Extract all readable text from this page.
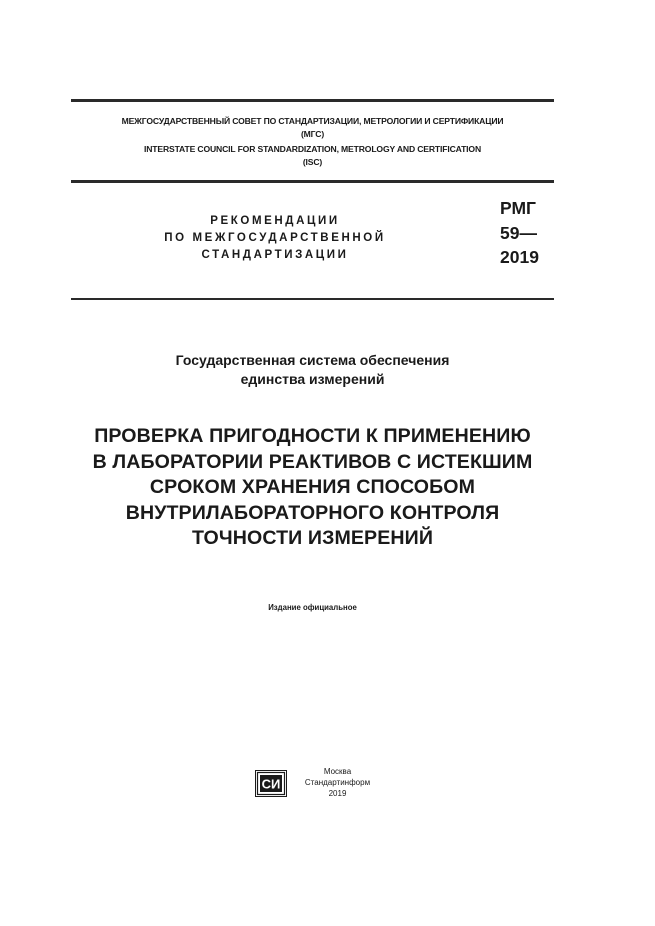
МЕЖГОСУДАРСТВЕННЫЙ СОВЕТ ПО СТАНДАРТИЗАЦИИ, МЕТРОЛОГИИ И СЕРТИФИКАЦИИ
(МГС)
INTERSTATE COUNCIL FOR STANDARDIZATION, METROLOGY AND CERTIFICATION
(ISC)
РЕКОМЕНДАЦИИ
ПО МЕЖГОСУДАРСТВЕННОЙ
СТАНДАРТИЗАЦИИ
РМГ
59—
2019
Государственная система обеспечения
единства измерений
ПРОВЕРКА ПРИГОДНОСТИ К ПРИМЕНЕНИЮ
В ЛАБОРАТОРИИ РЕАКТИВОВ С ИСТЕКШИМ
СРОКОМ ХРАНЕНИЯ СПОСОБОМ
ВНУТРИЛАБОРАТОРНОГО КОНТРОЛЯ
ТОЧНОСТИ ИЗМЕРЕНИЙ
Издание официальное
СИ
Москва
Стандартинформ
2019
